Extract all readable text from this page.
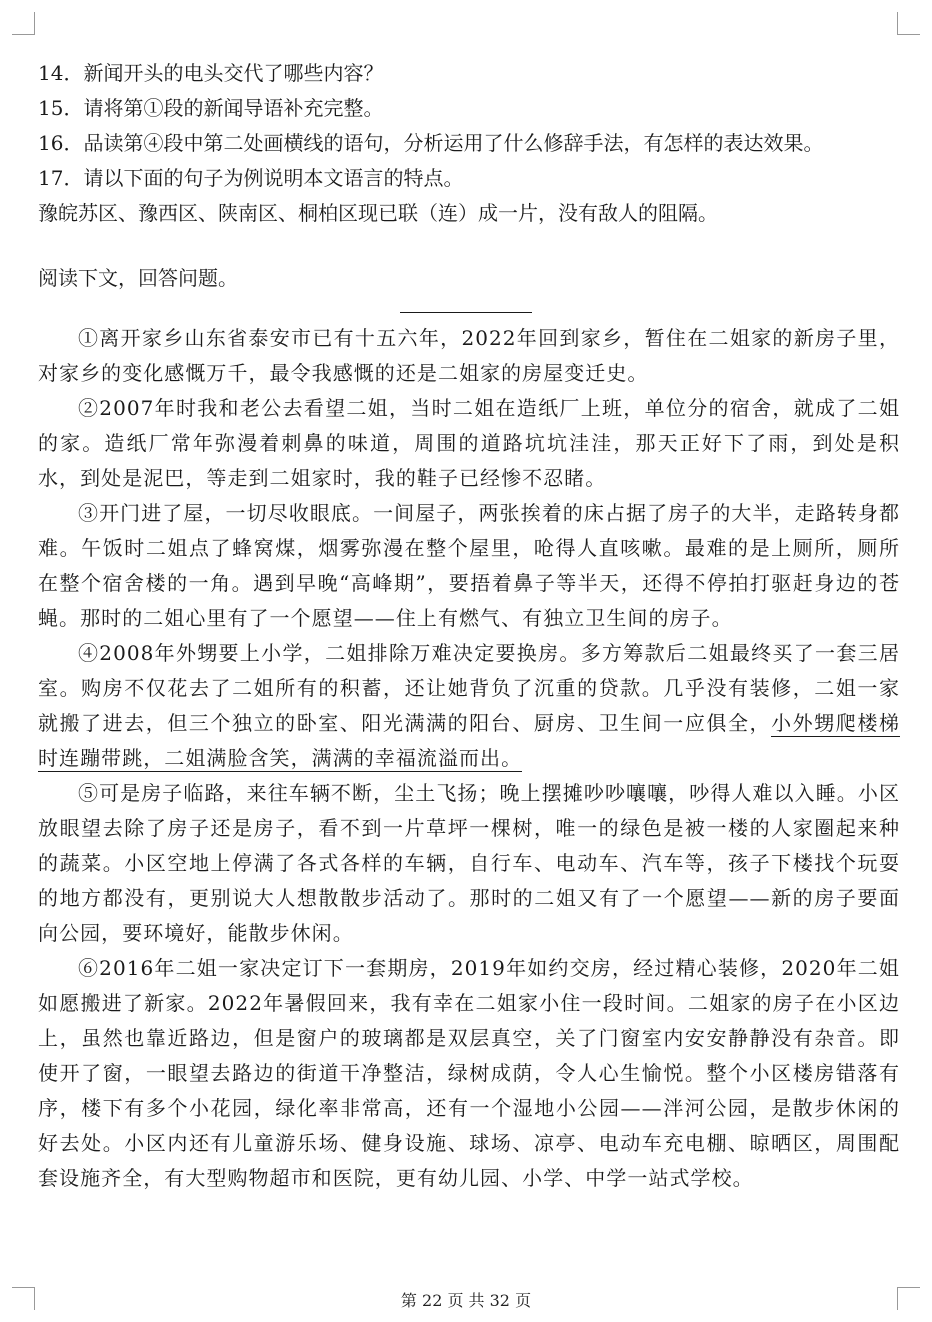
14．新闻开头的电头交代了哪些内容？
15．请将第①段的新闻导语补充完整。
16．品读第④段中第二处画横线的语句，分析运用了什么修辞手法，有怎样的表达效果。
17．请以下面的句子为例说明本文语言的特点。
豫皖苏区、豫西区、陕南区、桐柏区现已联（连）成一片，没有敌人的阻隔。
阅读下文，回答问题。

①离开家乡山东省泰安市已有十五六年，2022年回到家乡，暂住在二姐家的新房子里，对家乡的变化感慨万千，最令我感慨的还是二姐家的房屋变迁史。

②2007年时我和老公去看望二姐，当时二姐在造纸厂上班，单位分的宿舍，就成了二姐的家。造纸厂常年弥漫着刺鼻的味道，周围的道路坑坑洼洼，那天正好下了雨，到处是积水，到处是泥巴，等走到二姐家时，我的鞋子已经惨不忍睹。

③开门进了屋，一切尽收眼底。一间屋子，两张挨着的床占据了房子的大半，走路转身都难。午饭时二姐点了蜂窝煤，烟雾弥漫在整个屋里，呛得人直咳嗽。最难的是上厕所，厕所在整个宿舍楼的一角。遇到早晚“高峰期”，要捂着鼻子等半天，还得不停拍打驱赶身边的苍蝇。那时的二姐心里有了一个愿望——住上有燃气、有独立卫生间的房子。

④2008年外甥要上小学，二姐排除万难决定要换房。多方筹款后二姐最终买了一套三居室。购房不仅花去了二姐所有的积蓄，还让她背负了沉重的贷款。几乎没有装修，二姐一家就搬了进去，但三个独立的卧室、阳光满满的阳台、厨房、卫生间一应俱全，小外甥爬楼梯时连蹦带跳，二姐满脸含笑，满满的幸福流溢而出。

⑤可是房子临路，来往车辆不断，尘土飞扬；晚上摆摊吵吵嚷嚷，吵得人难以入睡。小区放眼望去除了房子还是房子，看不到一片草坪一棵树，唯一的绿色是被一楼的人家圈起来种的蔬菜。小区空地上停满了各式各样的车辆，自行车、电动车、汽车等，孩子下楼找个玩耍的地方都没有，更别说大人想散散步活动了。那时的二姐又有了一个愿望——新的房子要面向公园，要环境好，能散步休闲。

⑥2016年二姐一家决定订下一套期房，2019年如约交房，经过精心装修，2020年二姐如愿搬进了新家。2022年暑假回来，我有幸在二姐家小住一段时间。二姐家的房子在小区边上，虽然也靠近路边，但是窗户的玻璃都是双层真空，关了门窗室内安安静静没有杂音。即使开了窗，一眼望去路边的街道干净整洁，绿树成荫，令人心生愉悦。整个小区楼房错落有序，楼下有多个小花园，绿化率非常高，还有一个湿地小公园——泮河公园，是散步休闲的好去处。小区内还有儿童游乐场、健身设施、球场、凉亭、电动车充电棚、晾晒区，周围配套设施齐全，有大型购物超市和医院，更有幼儿园、小学、中学一站式学校。

第 22 页 共 32 页
